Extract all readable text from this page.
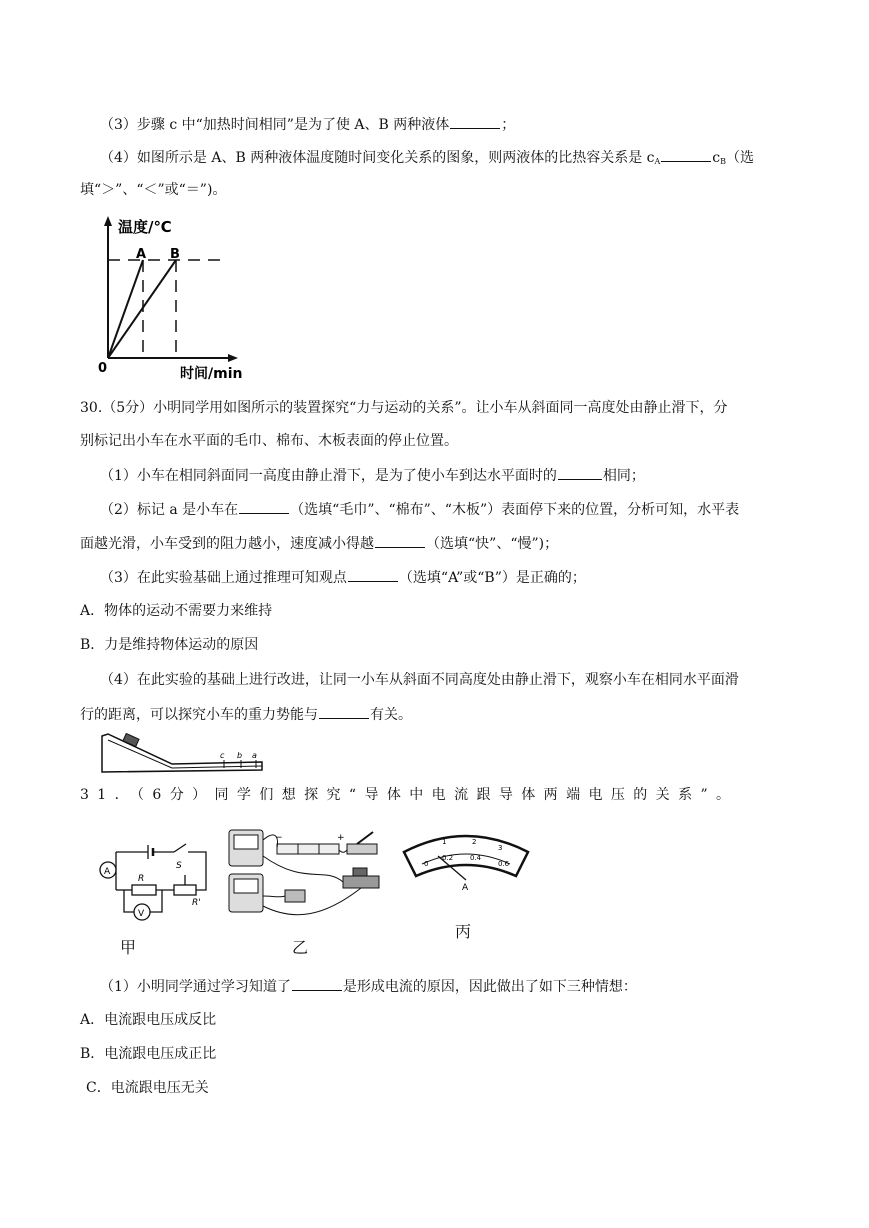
（3）步骤 c 中“加热时间相同”是为了使 A、B 两种液体	；
（4）如图所示是 A、B 两种液体温度随时间变化关系的图象，则两液体的比热容关系是 $c_A$	$c_B$（选
填“＞”、“＜”或“＝”)。
温度/℃
A B
0	时间/min
30.（5分）小明同学用如图所示的装置探究“力与运动的关系”。让小车从斜面同一高度处由静止滑下，分
别标记出小车在水平面的毛巾、棉布、木板表面的停止位置。
（1）小车在相同斜面同一高度由静止滑下，是为了使小车到达水平面时的	相同；
（2）标记 a 是小车在	（选填“毛巾”、“棉布”、“木板”）表面停下来的位置，分析可知，水平表
面越光滑，小车受到的阻力越小，速度减小得越	（选填“快”、“慢”)；
（3）在此实验基础上通过推理可知观点	（选填“A”或“B”）是正确的；
A．物体的运动不需要力来维持
B．力是维持物体运动的原因
（4）在此实验的基础上进行改进，让同一小车从斜面不同高度处由静止滑下，观察小车在相同水平面滑
行的距离，可以探究小车的重力势能与	有关。
c b a
31．（6分）同学们想探究“导体中电流跟导体两端电压的关系”。
S
A
R
R'
V
−	+
0
0.2 0.4
0.6
1	2
3
A
甲	乙
丙
（1）小明同学通过学习知道了	是形成电流的原因，因此做出了如下三种情想：
A．电流跟电压成反比
B．电流跟电压成正比
C．电流跟电压无关
